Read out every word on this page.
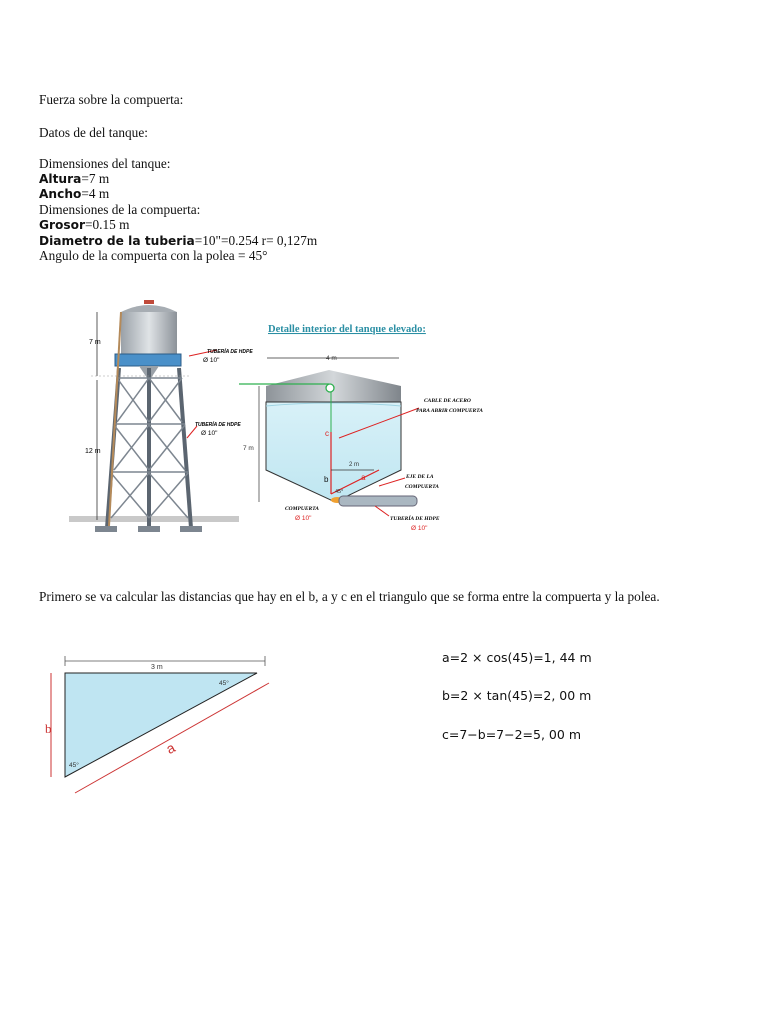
Fuerza sobre la compuerta:
Datos de del tanque:
Dimensiones del tanque:
Altura=7 m
Ancho=4 m
Dimensiones de la compuerta:
Grosor=0.15 m
Diametro de la tuberia=10"=0.254 r= 0,127m
Angulo de la compuerta con la polea = 45°
7 m
12 m
TUBERÍA DE HDPE
Ø 10"
TUBERÍA DE HDPE
Ø 10"
Detalle interior del tanque elevado:
4 m
7 m
CABLE DE ACERO
PARA ABRIR COMPUERTA
c
2 m
b	a
45°
EJE DE LA
COMPUERTA
COMPUERTA
Ø 10"	TUBERÍA DE HDPE
Ø 10"
Primero se va calcular las distancias que hay en el b, a y c en el triangulo que se forma entre la compuerta y la polea.
3 m
45°
45°
b
a
a=2 × cos⁡(45)=1, 44 m
b=2 × tan⁡(45)=2, 00 m
c=7−b=7−2=5, 00 m
